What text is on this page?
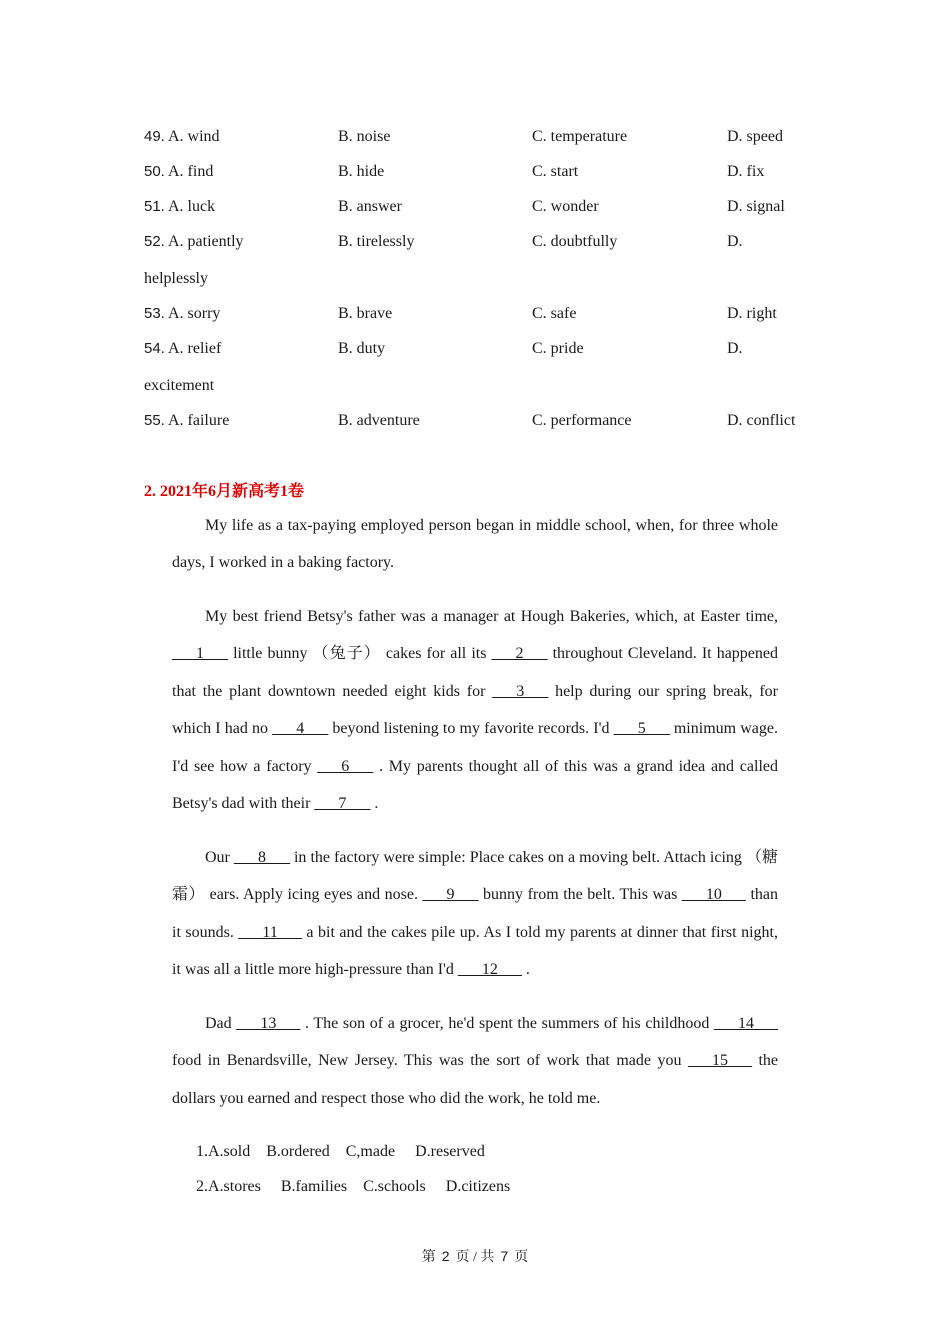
49. A. wind	B. noise	C. temperature	D. speed
50. A. find	B. hide	C. start	D. fix
51. A. luck	B. answer	C. wonder	D. signal
52. A. patiently	B. tirelessly	C. doubtfully	D.
helplessly
53. A. sorry	B. brave	C. safe	D. right
54. A. relief	B. duty	C. pride	D.
excitement
55. A. failure	B. adventure	C. performance	D. conflict
2. 2021年6月新高考1卷

My life as a tax-paying employed person began in middle school, when, for three whole days, I worked in a baking factory.

My best friend Betsy's father was a manager at Hough Bakeries, which, at Easter time, ___1___ little bunny （兔子） cakes for all its ___2___ throughout Cleveland. It happened that the plant downtown needed eight kids for ___3___ help during our spring break, for which I had no ___4___ beyond listening to my favorite records. I'd ___5___ minimum wage. I'd see how a factory ___6___ . My parents thought all of this was a grand idea and called Betsy's dad with their ___7___ .

Our ___8___ in the factory were simple: Place cakes on a moving belt. Attach icing （糖霜） ears. Apply icing eyes and nose. ___9___ bunny from the belt. This was ___10___ than it sounds. ___11___ a bit and the cakes pile up. As I told my parents at dinner that first night, it was all a little more high-pressure than I'd ___12___ .

Dad ___13___ . The son of a grocer, he'd spent the summers of his childhood ___14___ food in Benardsville, New Jersey. This was the sort of work that made you ___15___ the dollars you earned and respect those who did the work, he told me.

1.A.sold    B.ordered    C,made     D.reserved
2.A.stores     B.families    C.schools     D.citizens
第 2 页 / 共 7 页
